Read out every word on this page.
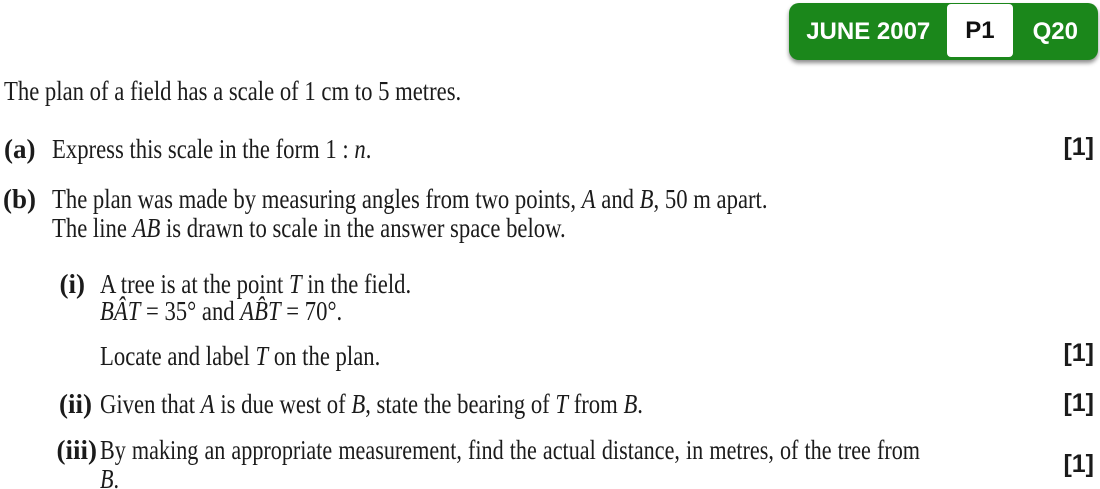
JUNE 2007	P1	Q20
The plan of a field has a scale of 1 cm to 5 metres.
(a) Express this scale in the form 1 : n.	[1]
(b) The plan was made by measuring angles from two points, A and B, 50 m apart.
The line AB is drawn to scale in the answer space below.
(i) A tree is at the point T in the field.
BÂT = 35° and AB̂T = 70°.
Locate and label T on the plan.	[1]
(ii) Given that A is due west of B, state the bearing of T from B.	[1]
(iii) By making an appropriate measurement, find the actual distance, in metres, of the tree from B.	[1]
